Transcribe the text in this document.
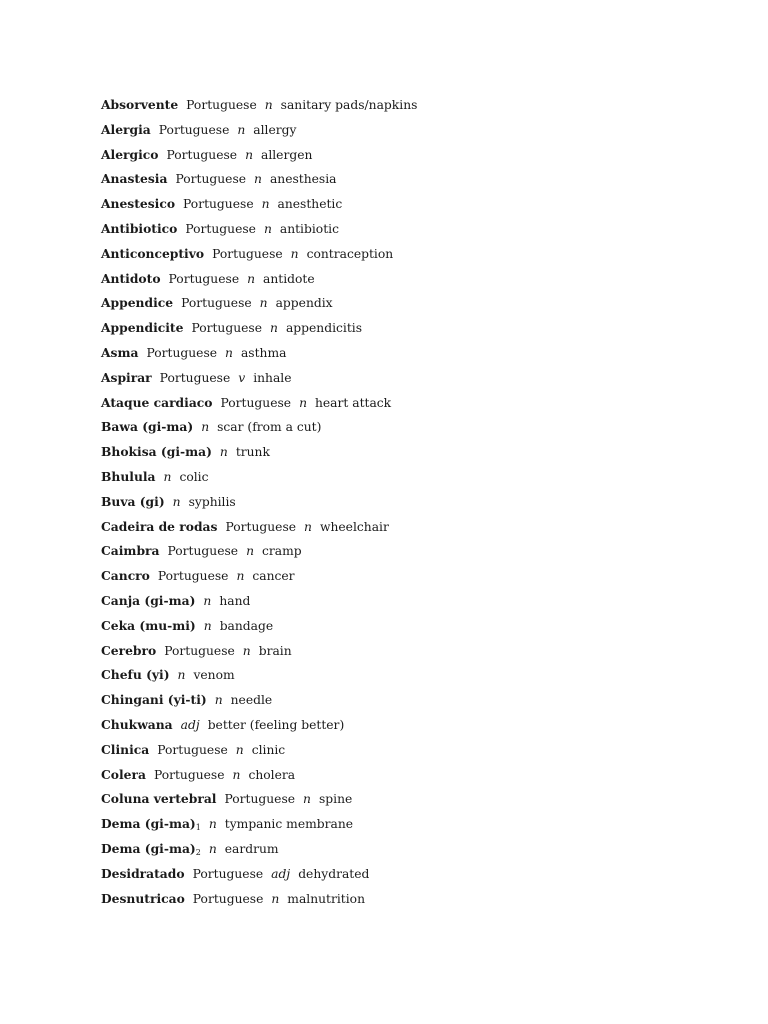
Absorvente Portuguese n sanitary pads/napkins
Alergia Portuguese n allergy
Alergico Portuguese n allergen
Anastesia Portuguese n anesthesia
Anestesico Portuguese n anesthetic
Antibiotico Portuguese n antibiotic
Anticonceptivo Portuguese n contraception
Antidoto Portuguese n antidote
Appendice Portuguese n appendix
Appendicite Portuguese n appendicitis
Asma Portuguese n asthma
Aspirar Portuguese v inhale
Ataque cardiaco Portuguese n heart attack
Bawa (gi-ma) n scar (from a cut)
Bhokisa (gi-ma) n trunk
Bhulula n colic
Buva (gi) n syphilis
Cadeira de rodas Portuguese n wheelchair
Caimbra Portuguese n cramp
Cancro Portuguese n cancer
Canja (gi-ma) n hand
Ceka (mu-mi) n bandage
Cerebro Portuguese n brain
Chefu (yi) n venom
Chingani (yi-ti) n needle
Chukwana adj better (feeling better)
Clinica Portuguese n clinic
Colera Portuguese n cholera
Coluna vertebral Portuguese n spine
Dema $(gi-ma)_1$ n tympanic membrane
Dema $(gi-ma)_2$ n eardrum
Desidratado Portuguese adj dehydrated
Desnutricao Portuguese n malnutrition
